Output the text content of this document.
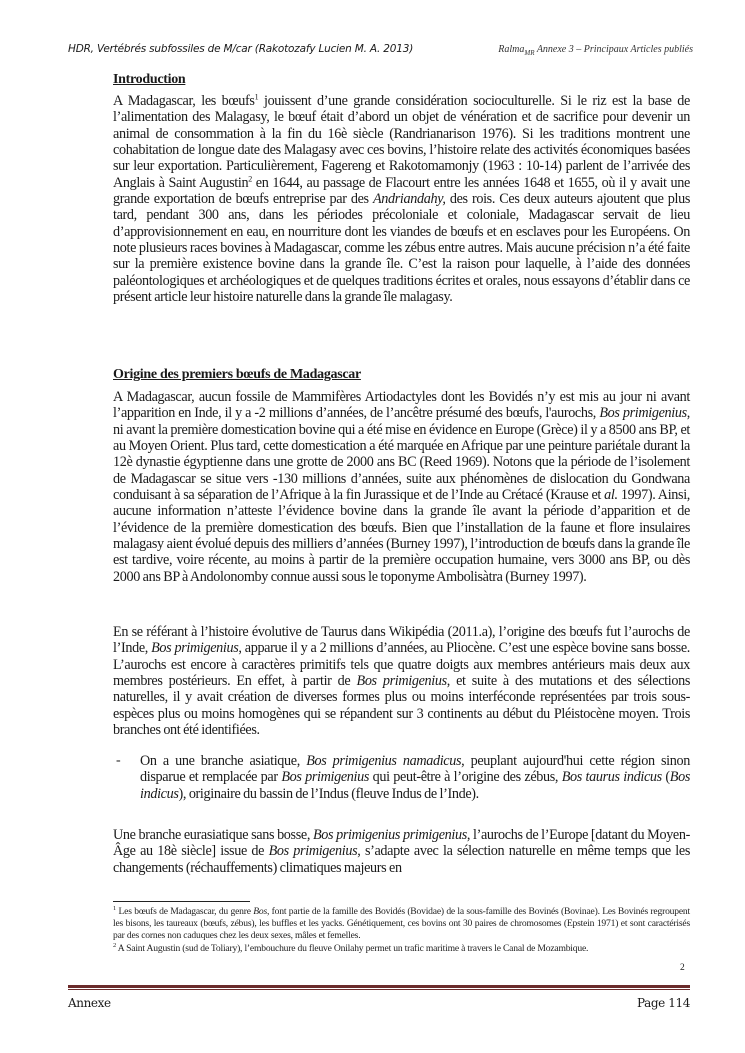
HDR, Vertébrés subfossiles de M/car (Rakotozafy Lucien M. A. 2013)	Ralma$_{MR}$ Annexe 3 – Principaux Articles publiés
Introduction
A Madagascar, les bœufs$^1$ jouissent d’une grande considération socioculturelle. Si le riz est la base de l’alimentation des Malagasy, le bœuf était d’abord un objet de vénération et de sacrifice pour devenir un animal de consommation à la fin du 16è siècle (Randrianarison 1976). Si les traditions montrent une cohabitation de longue date des Malagasy avec ces bovins, l’histoire relate des activités économiques basées sur leur exportation. Particulièrement, Fagereng et Rakotomamonjy (1963 : 10-14) parlent de l’arrivée des Anglais à Saint Augustin$^2$ en 1644, au passage de Flacourt entre les années 1648 et 1655, où il y avait une grande exportation de bœufs entreprise par des Andriandahy, des rois. Ces deux auteurs ajoutent que plus tard, pendant 300 ans, dans les périodes précoloniale et coloniale, Madagascar servait de lieu d’approvisionnement en eau, en nourriture dont les viandes de bœufs et en esclaves pour les Européens. On note plusieurs races bovines à Madagascar, comme les zébus entre autres. Mais aucune précision n’a été faite sur la première existence bovine dans la grande île. C’est la raison pour laquelle, à l’aide des données paléontologiques et archéologiques et de quelques traditions écrites et orales, nous essayons d’établir dans ce présent article leur histoire naturelle dans la grande île malagasy.
Origine des premiers bœufs de Madagascar
A Madagascar, aucun fossile de Mammifères Artiodactyles dont les Bovidés n’y est mis au jour ni avant l’apparition en Inde, il y a -2 millions d’années, de l’ancêtre présumé des bœufs, l'aurochs, Bos primigenius, ni avant la première domestication bovine qui a été mise en évidence en Europe (Grèce) il y a 8500 ans BP, et au Moyen Orient. Plus tard, cette domestication a été marquée en Afrique par une peinture pariétale durant la 12è dynastie égyptienne dans une grotte de 2000 ans BC (Reed 1969). Notons que la période de l’isolement de Madagascar se situe vers -130 millions d’années, suite aux phénomènes de dislocation du Gondwana conduisant à sa séparation de l’Afrique à la fin Jurassique et de l’Inde au Crétacé (Krause et al. 1997). Ainsi, aucune information n’atteste l’évidence bovine dans la grande île avant la période d’apparition et de l’évidence de la première domestication des bœufs. Bien que l’installation de la faune et flore insulaires malagasy aient évolué depuis des milliers d’années (Burney 1997), l’introduction de bœufs dans la grande île est tardive, voire récente, au moins à partir de la première occupation humaine, vers 3000 ans BP, ou dès 2000 ans BP à Andolonomby connue aussi sous le toponyme Ambolisàtra (Burney 1997).
En se référant à l’histoire évolutive de Taurus dans Wikipédia (2011.a), l’origine des bœufs fut l’aurochs de l’Inde, Bos primigenius, apparue il y a 2 millions d’années, au Pliocène. C’est une espèce bovine sans bosse. L’aurochs est encore à caractères primitifs tels que quatre doigts aux membres antérieurs mais deux aux membres postérieurs. En effet, à partir de Bos primigenius, et suite à des mutations et des sélections naturelles, il y avait création de diverses formes plus ou moins interféconde représentées par trois sous-espèces plus ou moins homogènes qui se répandent sur 3 continents au début du Pléistocène moyen. Trois branches ont été identifiées.
- On a une branche asiatique, Bos primigenius namadicus, peuplant aujourd'hui cette région sinon disparue et remplacée par Bos primigenius qui peut-être à l’origine des zébus, Bos taurus indicus (Bos indicus), originaire du bassin de l’Indus (fleuve Indus de l’Inde).
Une branche eurasiatique sans bosse, Bos primigenius primigenius, l’aurochs de l’Europe [datant du Moyen-Âge au 18è siècle] issue de Bos primigenius, s’adapte avec la sélection naturelle en même temps que les changements (réchauffements) climatiques majeurs en
$^1$ Les bœufs de Madagascar, du genre Bos, font partie de la famille des Bovidés (Bovidae) de la sous-famille des Bovinés (Bovinae). Les Bovinés regroupent les bisons, les taureaux (bœufs, zébus), les buffles et les yacks. Génétiquement, ces bovins ont 30 paires de chromosomes (Epstein 1971) et sont caractérisés par des cornes non caduques chez les deux sexes, mâles et femelles.
$^2$ A Saint Augustin (sud de Toliary), l’embouchure du fleuve Onilahy permet un trafic maritime à travers le Canal de Mozambique.
2
Annexe	Page 114
